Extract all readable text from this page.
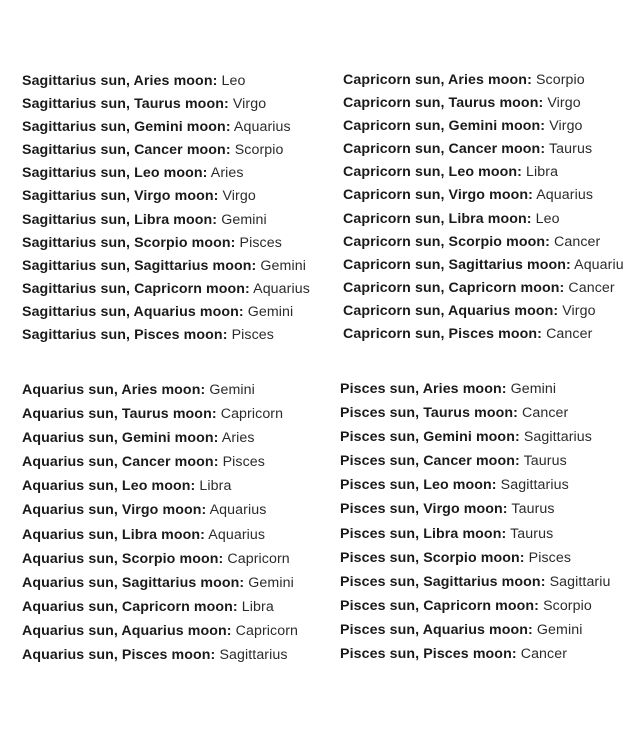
Sagittarius sun, Aries moon: Leo
Sagittarius sun, Taurus moon: Virgo
Sagittarius sun, Gemini moon: Aquarius
Sagittarius sun, Cancer moon: Scorpio
Sagittarius sun, Leo moon: Aries
Sagittarius sun, Virgo moon: Virgo
Sagittarius sun, Libra moon: Gemini
Sagittarius sun, Scorpio moon: Pisces
Sagittarius sun, Sagittarius moon: Gemini
Sagittarius sun, Capricorn moon: Aquarius
Sagittarius sun, Aquarius moon: Gemini
Sagittarius sun, Pisces moon: Pisces
Capricorn sun, Aries moon: Scorpio
Capricorn sun, Taurus moon: Virgo
Capricorn sun, Gemini moon: Virgo
Capricorn sun, Cancer moon: Taurus
Capricorn sun, Leo moon: Libra
Capricorn sun, Virgo moon: Aquarius
Capricorn sun, Libra moon: Leo
Capricorn sun, Scorpio moon: Cancer
Capricorn sun, Sagittarius moon: Aquariu
Capricorn sun, Capricorn moon: Cancer
Capricorn sun, Aquarius moon: Virgo
Capricorn sun, Pisces moon: Cancer
Aquarius sun, Aries moon: Gemini
Aquarius sun, Taurus moon: Capricorn
Aquarius sun, Gemini moon: Aries
Aquarius sun, Cancer moon: Pisces
Aquarius sun, Leo moon: Libra
Aquarius sun, Virgo moon: Aquarius
Aquarius sun, Libra moon: Aquarius
Aquarius sun, Scorpio moon: Capricorn
Aquarius sun, Sagittarius moon: Gemini
Aquarius sun, Capricorn moon: Libra
Aquarius sun, Aquarius moon: Capricorn
Aquarius sun, Pisces moon: Sagittarius
Pisces sun, Aries moon: Gemini
Pisces sun, Taurus moon: Cancer
Pisces sun, Gemini moon: Sagittarius
Pisces sun, Cancer moon: Taurus
Pisces sun, Leo moon: Sagittarius
Pisces sun, Virgo moon: Taurus
Pisces sun, Libra moon: Taurus
Pisces sun, Scorpio moon: Pisces
Pisces sun, Sagittarius moon: Sagittariu
Pisces sun, Capricorn moon: Scorpio
Pisces sun, Aquarius moon: Gemini
Pisces sun, Pisces moon: Cancer
